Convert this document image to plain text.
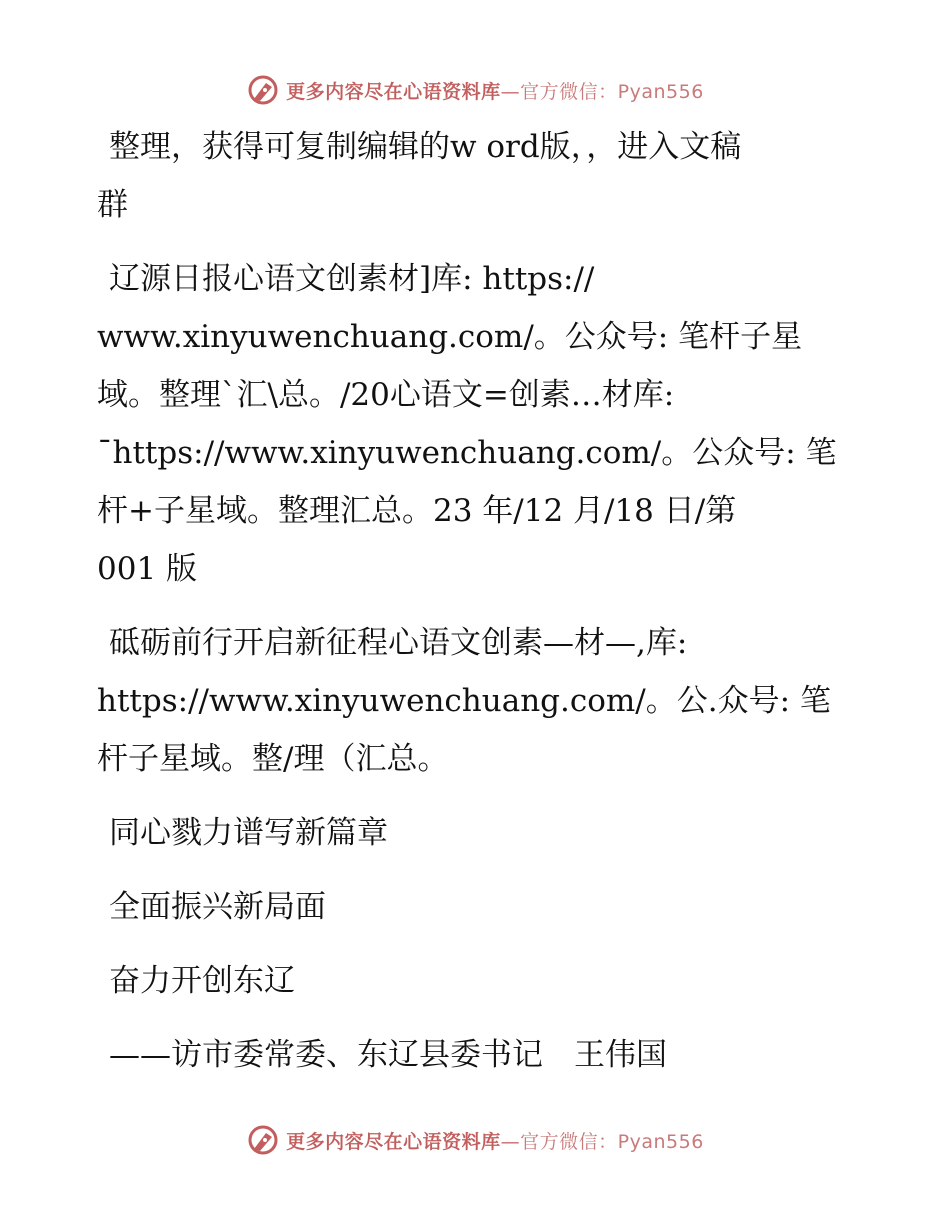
更多内容尽在心语资料库—官方微信：Pyan556
整理，获得可复制编辑的w ord版，，进入文稿
群
辽源日报心语文创素材]库: https://
www.xinyuwenchuang.com/。公众号: 笔杆子星
域。整理`汇\总。/20心语文=创素…材库:
¯https://www.xinyuwenchuang.com/。公众号: 笔
杆+子星域。整理汇总。23 年/12 月/18 日/第
001 版
砥砺前行开启新征程心语文创素—材—,库:
https://www.xinyuwenchuang.com/。公.众号: 笔
杆子星域。整/理（汇总。
同心戮力谱写新篇章
全面振兴新局面
奋力开创东辽
——访市委常委、东辽县委书记　王伟国
更多内容尽在心语资料库—官方微信：Pyan556
